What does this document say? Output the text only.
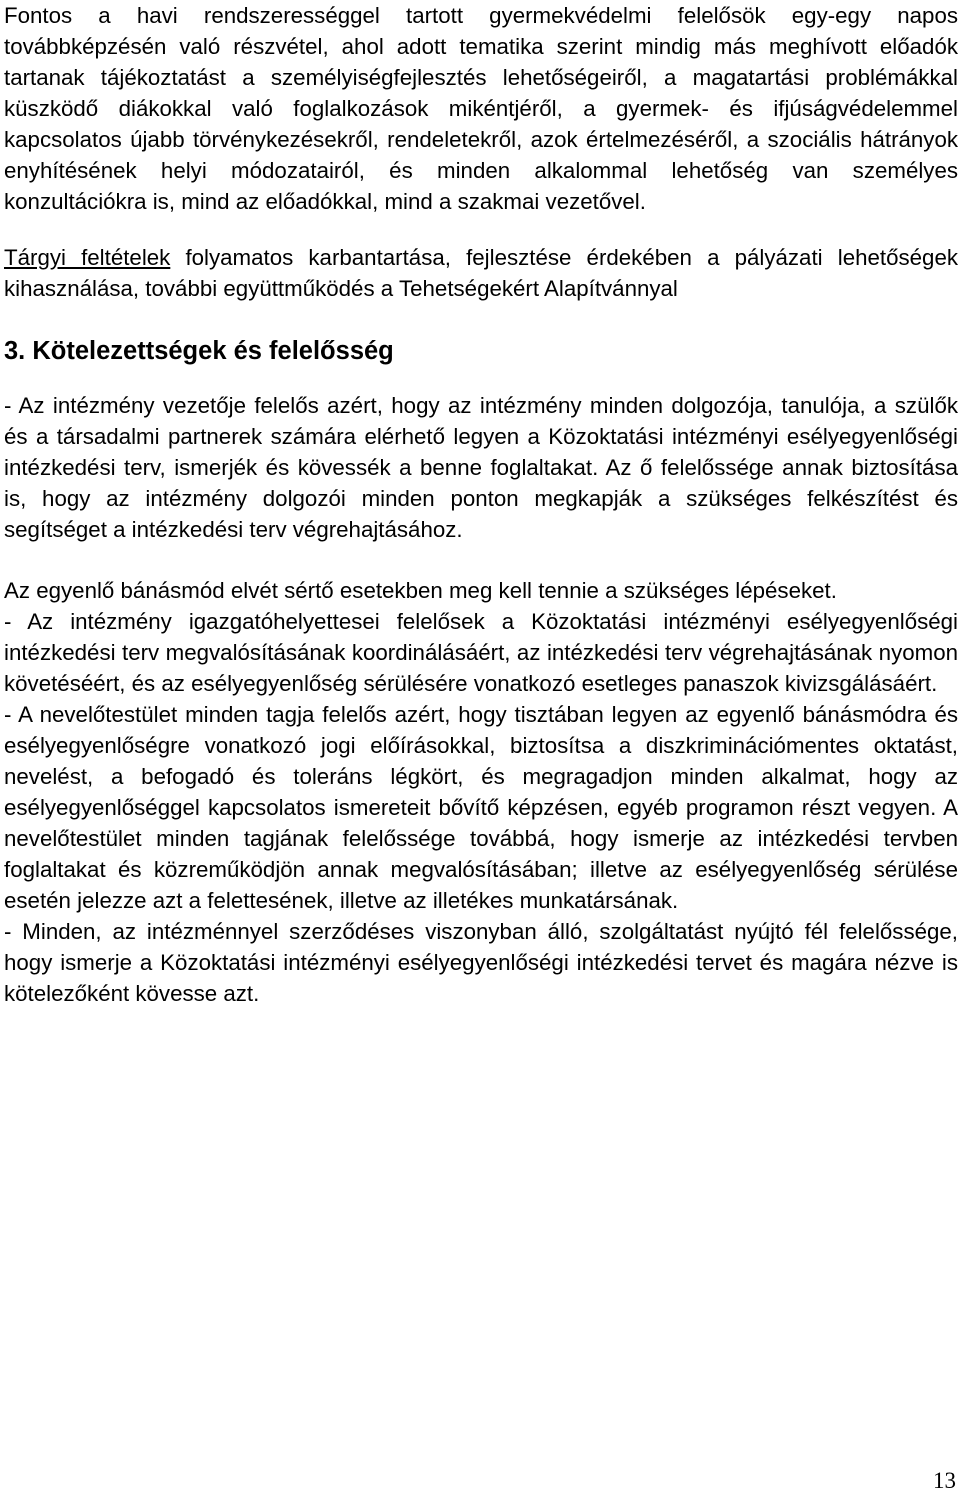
Fontos a havi rendszerességgel tartott gyermekvédelmi felelősök egy-egy napos továbbképzésén való részvétel, ahol adott tematika szerint mindig más meghívott előadók tartanak tájékoztatást a személyiségfejlesztés lehetőségeiről, a magatartási problémákkal küszködő diákokkal való foglalkozások mikéntjéről, a gyermek- és ifjúságvédelemmel kapcsolatos újabb törvénykezésekről, rendeletekről, azok értelmezéséről, a szociális hátrányok enyhítésének helyi módozatairól, és minden alkalommal lehetőség van személyes konzultációkra is, mind az előadókkal, mind a szakmai vezetővel.

Tárgyi feltételek folyamatos karbantartása, fejlesztése érdekében a pályázati lehetőségek kihasználása, további együttműködés a Tehetségekért Alapítvánnyal

3. Kötelezettségek és felelősség

- Az intézmény vezetője felelős azért, hogy az intézmény minden dolgozója, tanulója, a szülők és a társadalmi partnerek számára elérhető legyen a Közoktatási intézményi esélyegyenlőségi intézkedési terv, ismerjék és kövessék a benne foglaltakat. Az ő felelőssége annak biztosítása is, hogy az intézmény dolgozói minden ponton megkapják a szükséges felkészítést és segítséget a intézkedési terv végrehajtásához.

Az egyenlő bánásmód elvét sértő esetekben meg kell tennie a szükséges lépéseket.

- Az intézmény igazgatóhelyettesei felelősek a Közoktatási intézményi esélyegyenlőségi intézkedési terv megvalósításának koordinálásáért, az intézkedési terv végrehajtásának nyomon követéséért, és az esélyegyenlőség sérülésére vonatkozó esetleges panaszok kivizsgálásáért.

- A nevelőtestület minden tagja felelős azért, hogy tisztában legyen az egyenlő bánásmódra és esélyegyenlőségre vonatkozó jogi előírásokkal, biztosítsa a diszkriminációmentes oktatást, nevelést, a befogadó és toleráns légkört, és megragadjon minden alkalmat, hogy az esélyegyenlőséggel kapcsolatos ismereteit bővítő képzésen, egyéb programon részt vegyen. A nevelőtestület minden tagjának felelőssége továbbá, hogy ismerje az intézkedési tervben foglaltakat és közreműködjön annak megvalósításában; illetve az esélyegyenlőség sérülése esetén jelezze azt a felettesének, illetve az illetékes munkatársának.

- Minden, az intézménnyel szerződéses viszonyban álló, szolgáltatást nyújtó fél felelőssége, hogy ismerje a Közoktatási intézményi esélyegyenlőségi intézkedési tervet és magára nézve is kötelezőként kövesse azt.

13
